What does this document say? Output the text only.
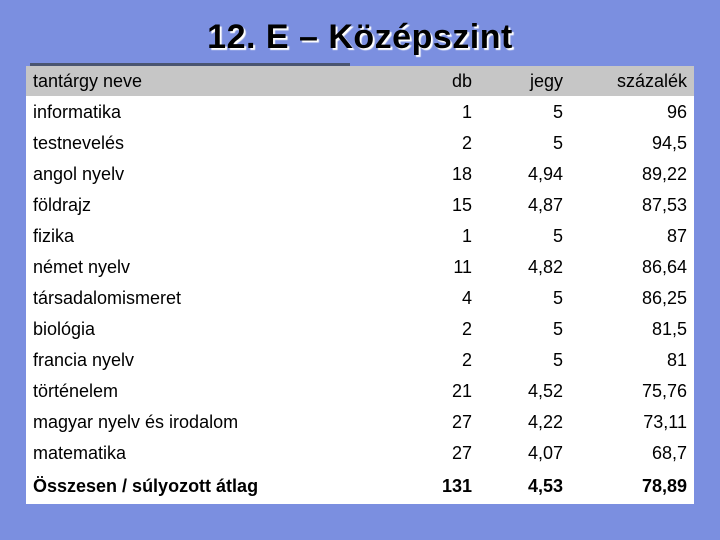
12. E – Középszint
tantárgy neve	db	jegy	százalék
informatika	1	5	96
testnevelés	2	5	94,5
angol nyelv	18	4,94	89,22
földrajz	15	4,87	87,53
fizika	1	5	87
német nyelv	11	4,82	86,64
társadalomismeret	4	5	86,25
biológia	2	5	81,5
francia nyelv	2	5	81
történelem	21	4,52	75,76
magyar nyelv és irodalom	27	4,22	73,11
matematika	27	4,07	68,7
Összesen / súlyozott átlag	131	4,53	78,89
